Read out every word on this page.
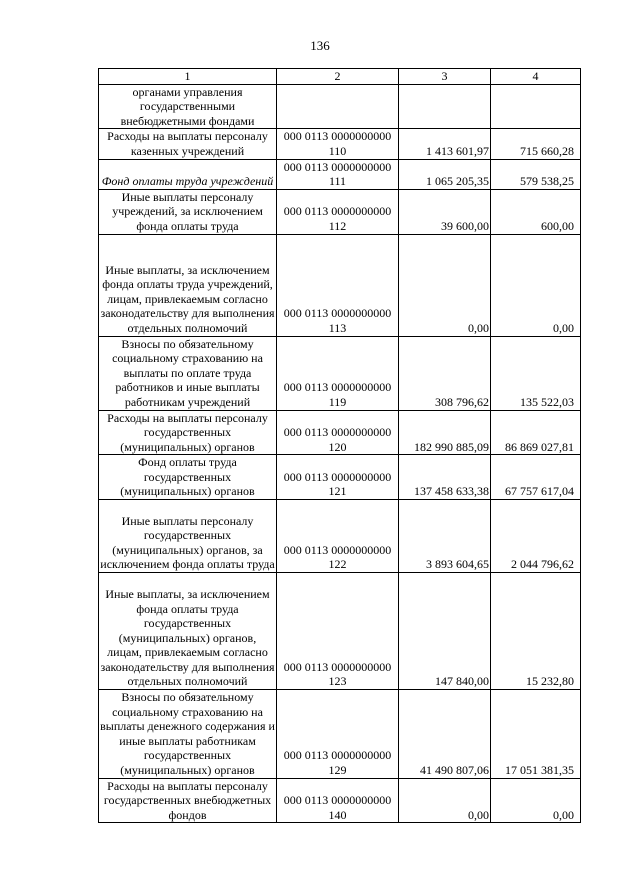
136
1	2	3	4
органами управления государственными внебюджетными фондами			
Расходы на выплаты персоналу казенных учреждений	000 0113 0000000000 110	1 413 601,97	715 660,28
Фонд оплаты труда учреждений	000 0113 0000000000 111	1 065 205,35	579 538,25
Иные выплаты персоналу учреждений, за исключением фонда оплаты труда	000 0113 0000000000 112	39 600,00	600,00
Иные выплаты, за исключением фонда оплаты труда учреждений, лицам, привлекаемым согласно законодательству для выполнения отдельных полномочий	000 0113 0000000000 113	0,00	0,00
Взносы по обязательному социальному страхованию на выплаты по оплате труда работников и иные выплаты работникам учреждений	000 0113 0000000000 119	308 796,62	135 522,03
Расходы на выплаты персоналу государственных (муниципальных) органов	000 0113 0000000000 120	182 990 885,09	86 869 027,81
Фонд оплаты труда государственных (муниципальных) органов	000 0113 0000000000 121	137 458 633,38	67 757 617,04
Иные выплаты персоналу государственных (муниципальных) органов, за исключением фонда оплаты труда	000 0113 0000000000 122	3 893 604,65	2 044 796,62
Иные выплаты, за исключением фонда оплаты труда государственных (муниципальных) органов, лицам, привлекаемым согласно законодательству для выполнения отдельных полномочий	000 0113 0000000000 123	147 840,00	15 232,80
Взносы по обязательному социальному страхованию на выплаты денежного содержания и иные выплаты работникам государственных (муниципальных) органов	000 0113 0000000000 129	41 490 807,06	17 051 381,35
Расходы на выплаты персоналу государственных внебюджетных фондов	000 0113 0000000000 140	0,00	0,00
